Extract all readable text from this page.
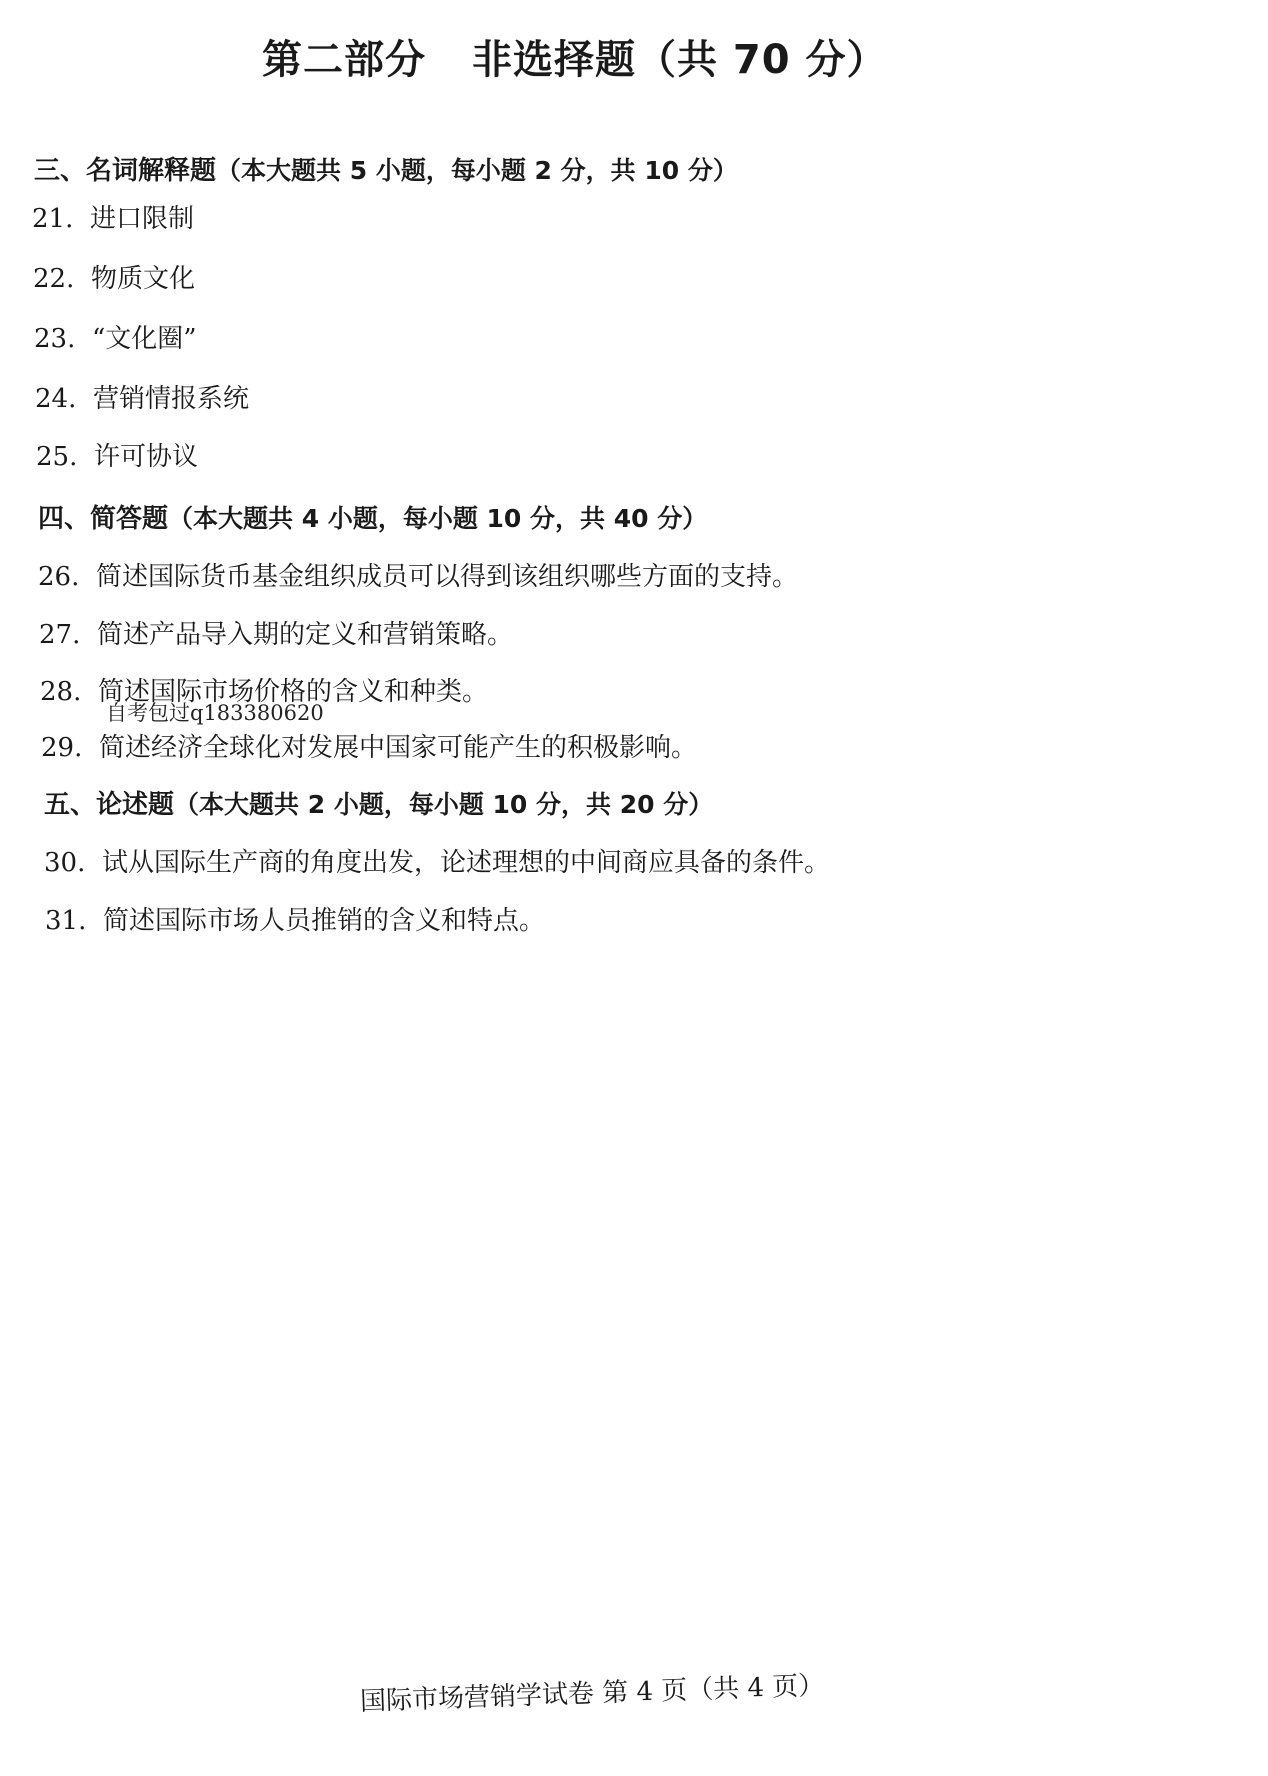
第二部分 非选择题（共 70 分）
三、名词解释题（本大题共 5 小题，每小题 2 分，共 10 分）
21. 进口限制
22. 物质文化
23. “文化圈”
24. 营销情报系统
25. 许可协议
四、简答题（本大题共 4 小题，每小题 10 分，共 40 分）
26. 简述国际货币基金组织成员可以得到该组织哪些方面的支持。
27. 简述产品导入期的定义和营销策略。
28. 简述国际市场价格的含义和种类。
自考包过q183380620
29. 简述经济全球化对发展中国家可能产生的积极影响。
五、论述题（本大题共 2 小题，每小题 10 分，共 20 分）
30. 试从国际生产商的角度出发，论述理想的中间商应具备的条件。
31. 简述国际市场人员推销的含义和特点。
国际市场营销学试卷 第 4 页（共 4 页）
